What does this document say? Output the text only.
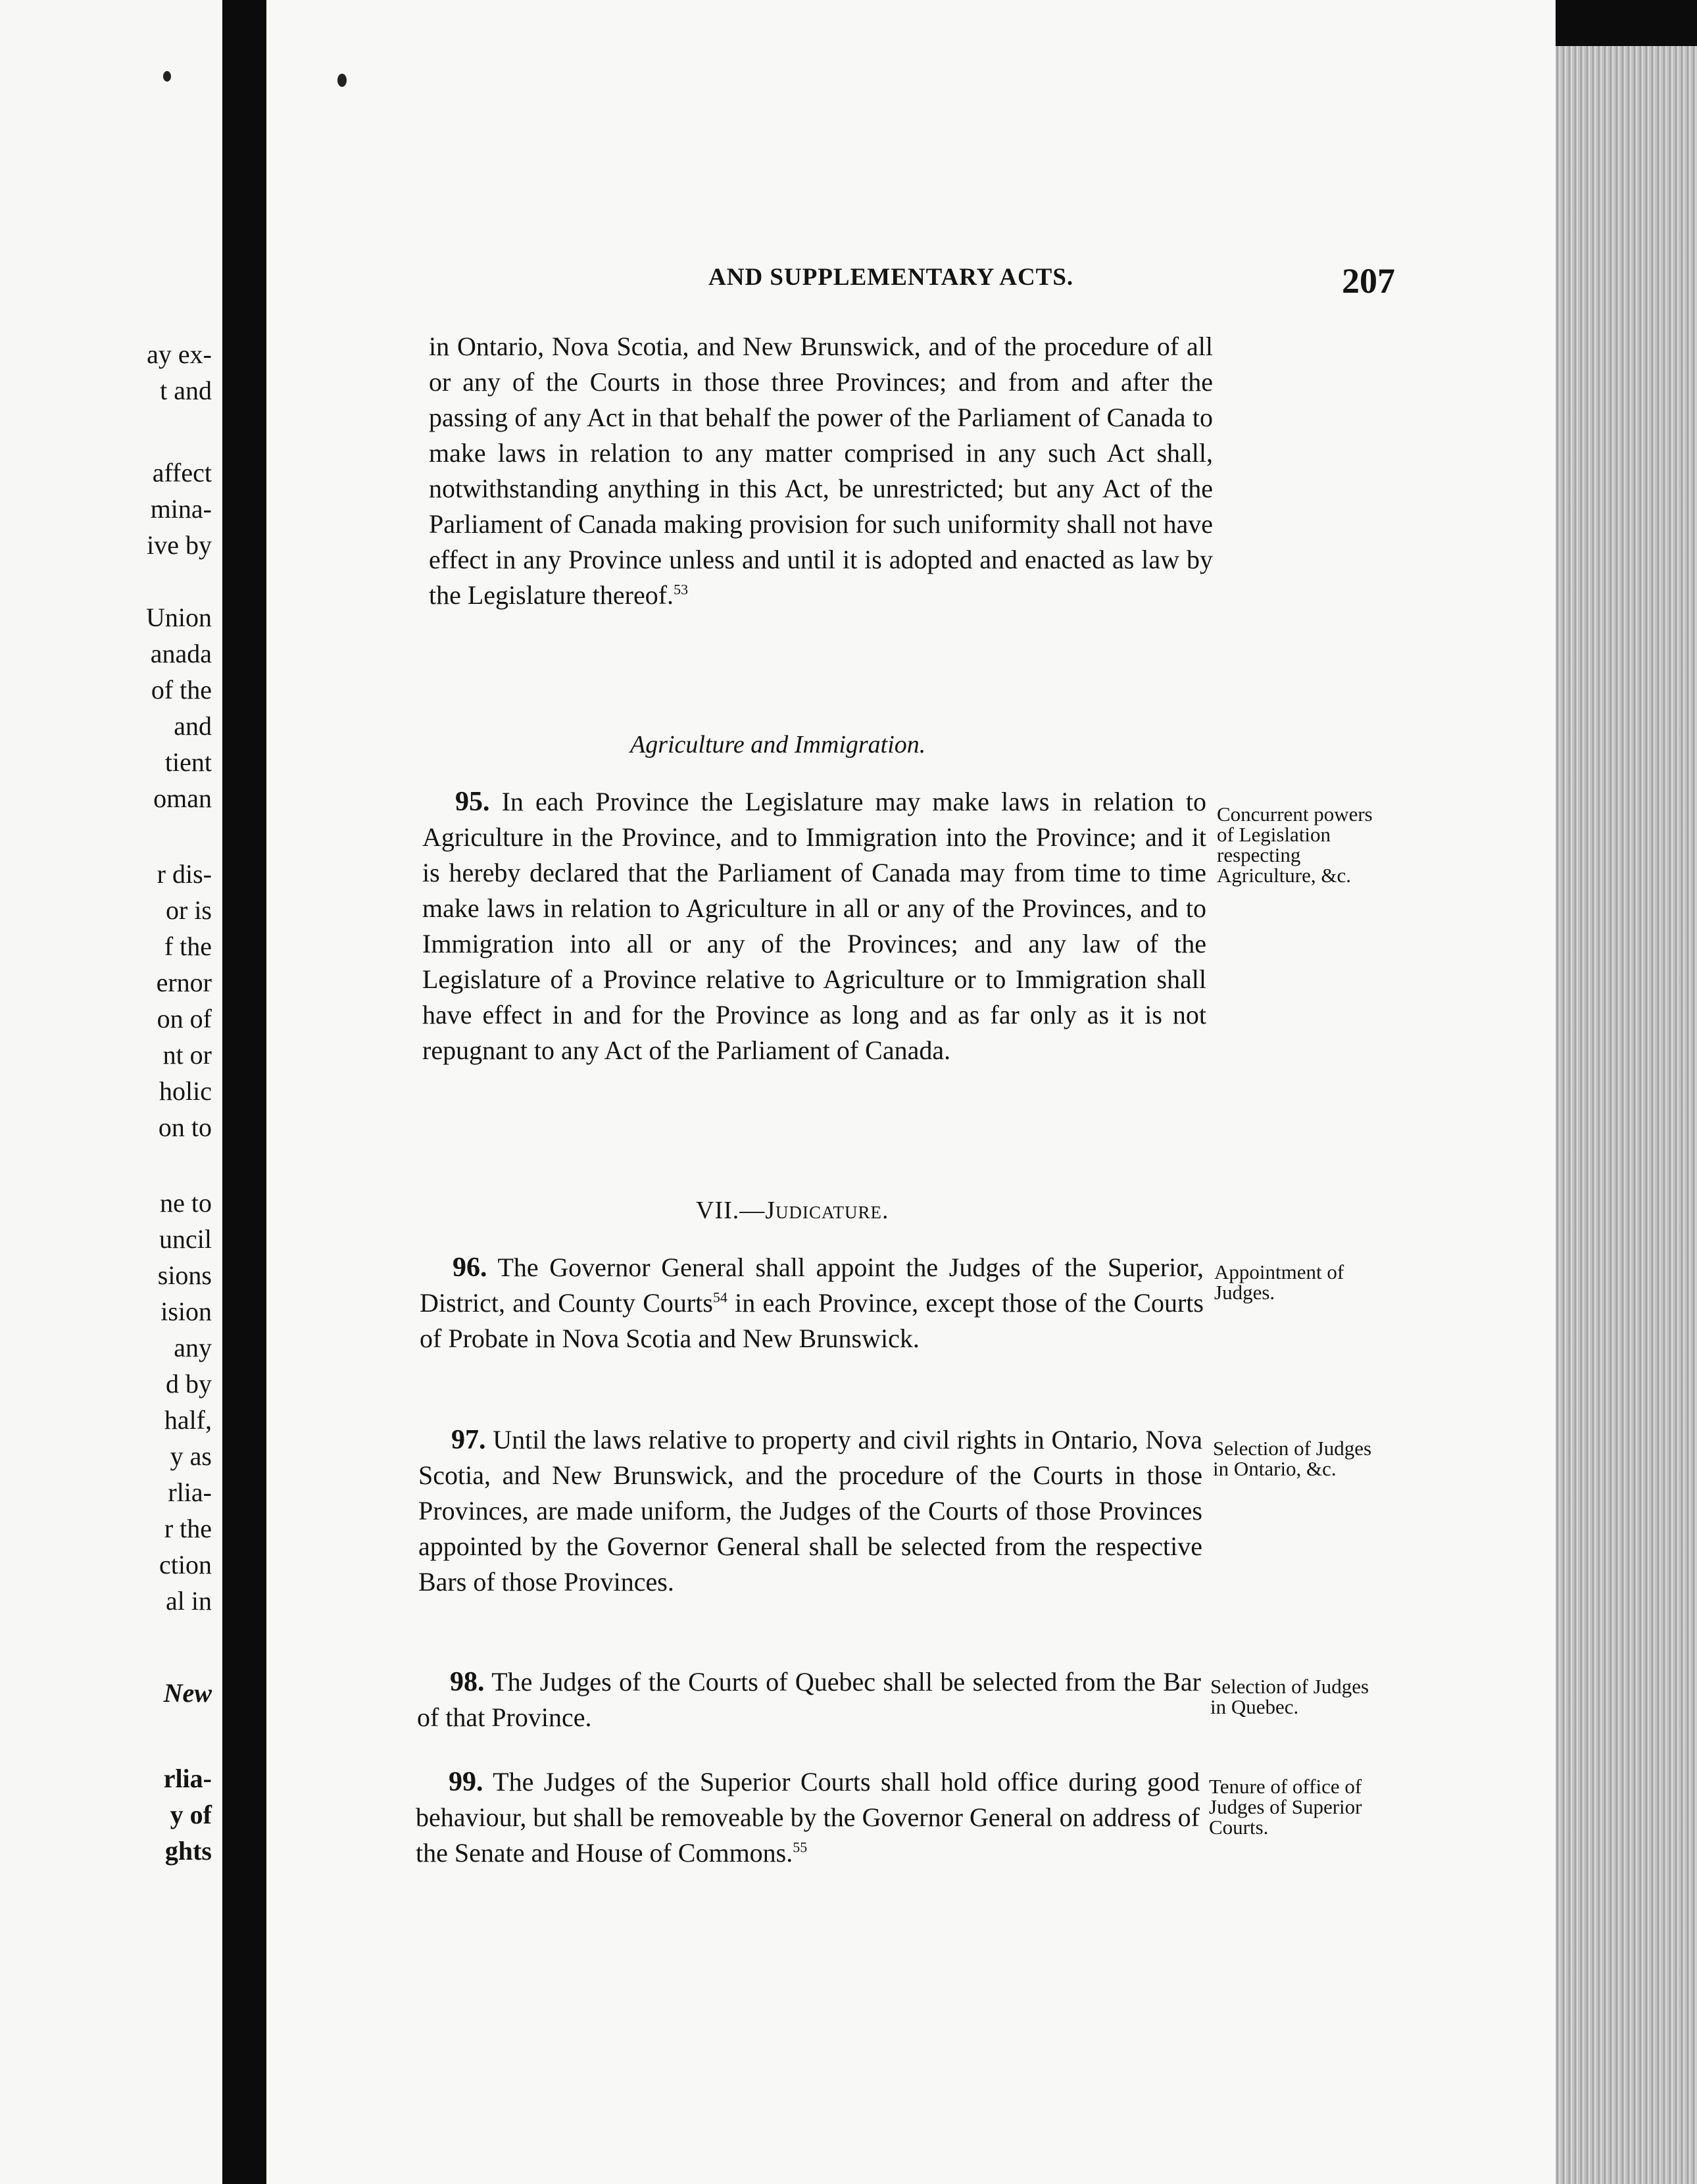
ay ex-
t and
affect
mina-
ive by
Union
anada
of the
and
tient
oman
r dis-
or is
f the
ernor
on of
nt or
holic
on to
ne to
uncil
sions
ision
any
d by
half,
y as
rlia-
r the
ction
al in
New
rlia-
y of
ghts
AND SUPPLEMENTARY ACTS.	207
in Ontario, Nova Scotia, and New Brunswick, and of the procedure of all or any of the Courts in those three Provinces; and from and after the passing of any Act in that behalf the power of the Parliament of Canada to make laws in relation to any matter comprised in any such Act shall, notwithstanding anything in this Act, be unrestricted; but any Act of the Parliament of Canada making provision for such uniformity shall not have effect in any Province unless and until it is adopted and enacted as law by the Legislature thereof.$^{53}$
Agriculture and Immigration.
95. In each Province the Legislature may make laws in relation to Agriculture in the Province, and to Immigration into the Province; and it is hereby declared that the Parliament of Canada may from time to time make laws in relation to Agriculture in all or any of the Provinces, and to Immigration into all or any of the Provinces; and any law of the Legislature of a Province relative to Agriculture or to Immigration shall have effect in and for the Province as long and as far only as it is not repugnant to any Act of the Parliament of Canada.
Concurrent powers of Legislation respecting Agriculture, &c.
VII.—Judicature.
96. The Governor General shall appoint the Judges of the Superior, District, and County Courts$^{54}$ in each Province, except those of the Courts of Probate in Nova Scotia and New Brunswick.
Appointment of Judges.
97. Until the laws relative to property and civil rights in Ontario, Nova Scotia, and New Brunswick, and the procedure of the Courts in those Provinces, are made uniform, the Judges of the Courts of those Provinces appointed by the Governor General shall be selected from the respective Bars of those Provinces.
Selection of Judges in Ontario, &c.
98. The Judges of the Courts of Quebec shall be selected from the Bar of that Province.
Selection of Judges in Quebec.
99. The Judges of the Superior Courts shall hold office during good behaviour, but shall be removeable by the Governor General on address of the Senate and House of Commons.$^{55}$
Tenure of office of Judges of Superior Courts.
